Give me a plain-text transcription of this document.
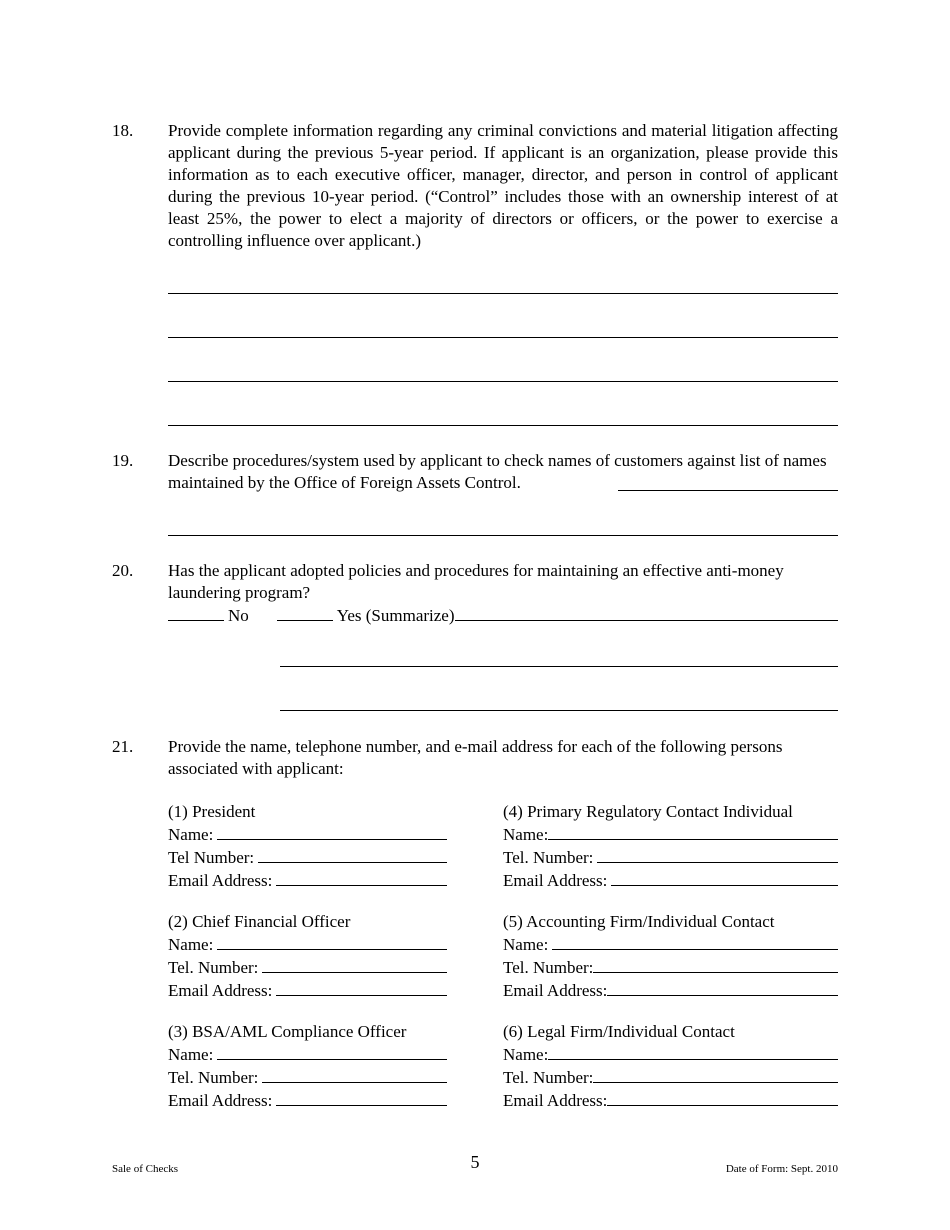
18. Provide complete information regarding any criminal convictions and material litigation affecting applicant during the previous 5-year period. If applicant is an organization, please provide this information as to each executive officer, manager, director, and person in control of applicant during the previous 10-year period. (“Control” includes those with an ownership interest of at least 25%, the power to elect a majority of directors or officers, or the power to exercise a controlling influence over applicant.)
19. Describe procedures/system used by applicant to check names of customers against list of names maintained by the Office of Foreign Assets Control.
20. Has the applicant adopted policies and procedures for maintaining an effective anti-money laundering program?
No	Yes (Summarize)
21. Provide the name, telephone number, and e-mail address for each of the following persons associated with applicant:
(1) President
Name:
Tel Number:
Email Address:
(2) Chief Financial Officer
Name:
Tel. Number:
Email Address:
(3) BSA/AML Compliance Officer
Name:
Tel. Number:
Email Address:
(4) Primary Regulatory Contact Individual
Name:
Tel. Number:
Email Address:
(5) Accounting Firm/Individual Contact
Name:
Tel. Number:
Email Address:
(6) Legal Firm/Individual Contact
Name:
Tel. Number:
Email Address:
Sale of Checks	5	Date of Form: Sept. 2010
